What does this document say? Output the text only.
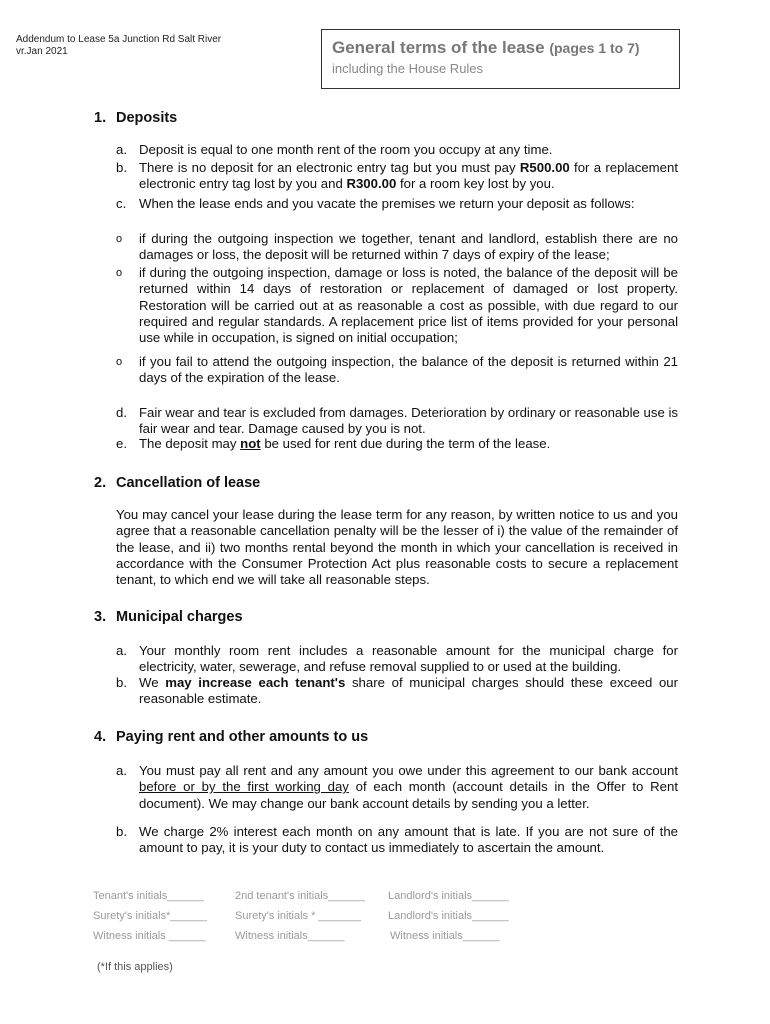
Addendum to Lease 5a Junction Rd Salt River
vr.Jan 2021	General terms of the lease (pages 1 to 7)
including the House Rules
1. Deposits
a. Deposit is equal to one month rent of the room you occupy at any time.
b. There is no deposit for an electronic entry tag but you must pay R500.00 for a replacement electronic entry tag lost by you and R300.00 for a room key lost by you.
c. When the lease ends and you vacate the premises we return your deposit as follows:
o if during the outgoing inspection we together, tenant and landlord, establish there are no damages or loss, the deposit will be returned within 7 days of expiry of the lease;
o if during the outgoing inspection, damage or loss is noted, the balance of the deposit will be returned within 14 days of restoration or replacement of damaged or lost property. Restoration will be carried out at as reasonable a cost as possible, with due regard to our required and regular standards. A replacement price list of items provided for your personal use while in occupation, is signed on initial occupation;
o if you fail to attend the outgoing inspection, the balance of the deposit is returned within 21 days of the expiration of the lease.
d. Fair wear and tear is excluded from damages. Deterioration by ordinary or reasonable use is fair wear and tear. Damage caused by you is not.
e. The deposit may not be used for rent due during the term of the lease.
2. Cancellation of lease
You may cancel your lease during the lease term for any reason, by written notice to us and you agree that a reasonable cancellation penalty will be the lesser of i) the value of the remainder of the lease, and ii) two months rental beyond the month in which your cancellation is received in accordance with the Consumer Protection Act plus reasonable costs to secure a replacement tenant, to which end we will take all reasonable steps.
3. Municipal charges
a. Your monthly room rent includes a reasonable amount for the municipal charge for electricity, water, sewerage, and refuse removal supplied to or used at the building.
b. We may increase each tenant's share of municipal charges should these exceed our reasonable estimate.
4. Paying rent and other amounts to us
a. You must pay all rent and any amount you owe under this agreement to our bank account before or by the first working day of each month (account details in the Offer to Rent document). We may change our bank account details by sending you a letter.
b. We charge 2% interest each month on any amount that is late. If you are not sure of the amount to pay, it is your duty to contact us immediately to ascertain the amount.
Tenant's initials______	2nd tenant's initials______ Landlord's initials______
Surety's initials*______	Surety's initials * _______ Landlord's initials______
Witness initials ______	Witness initials______	Witness initials______
(*If this applies)
